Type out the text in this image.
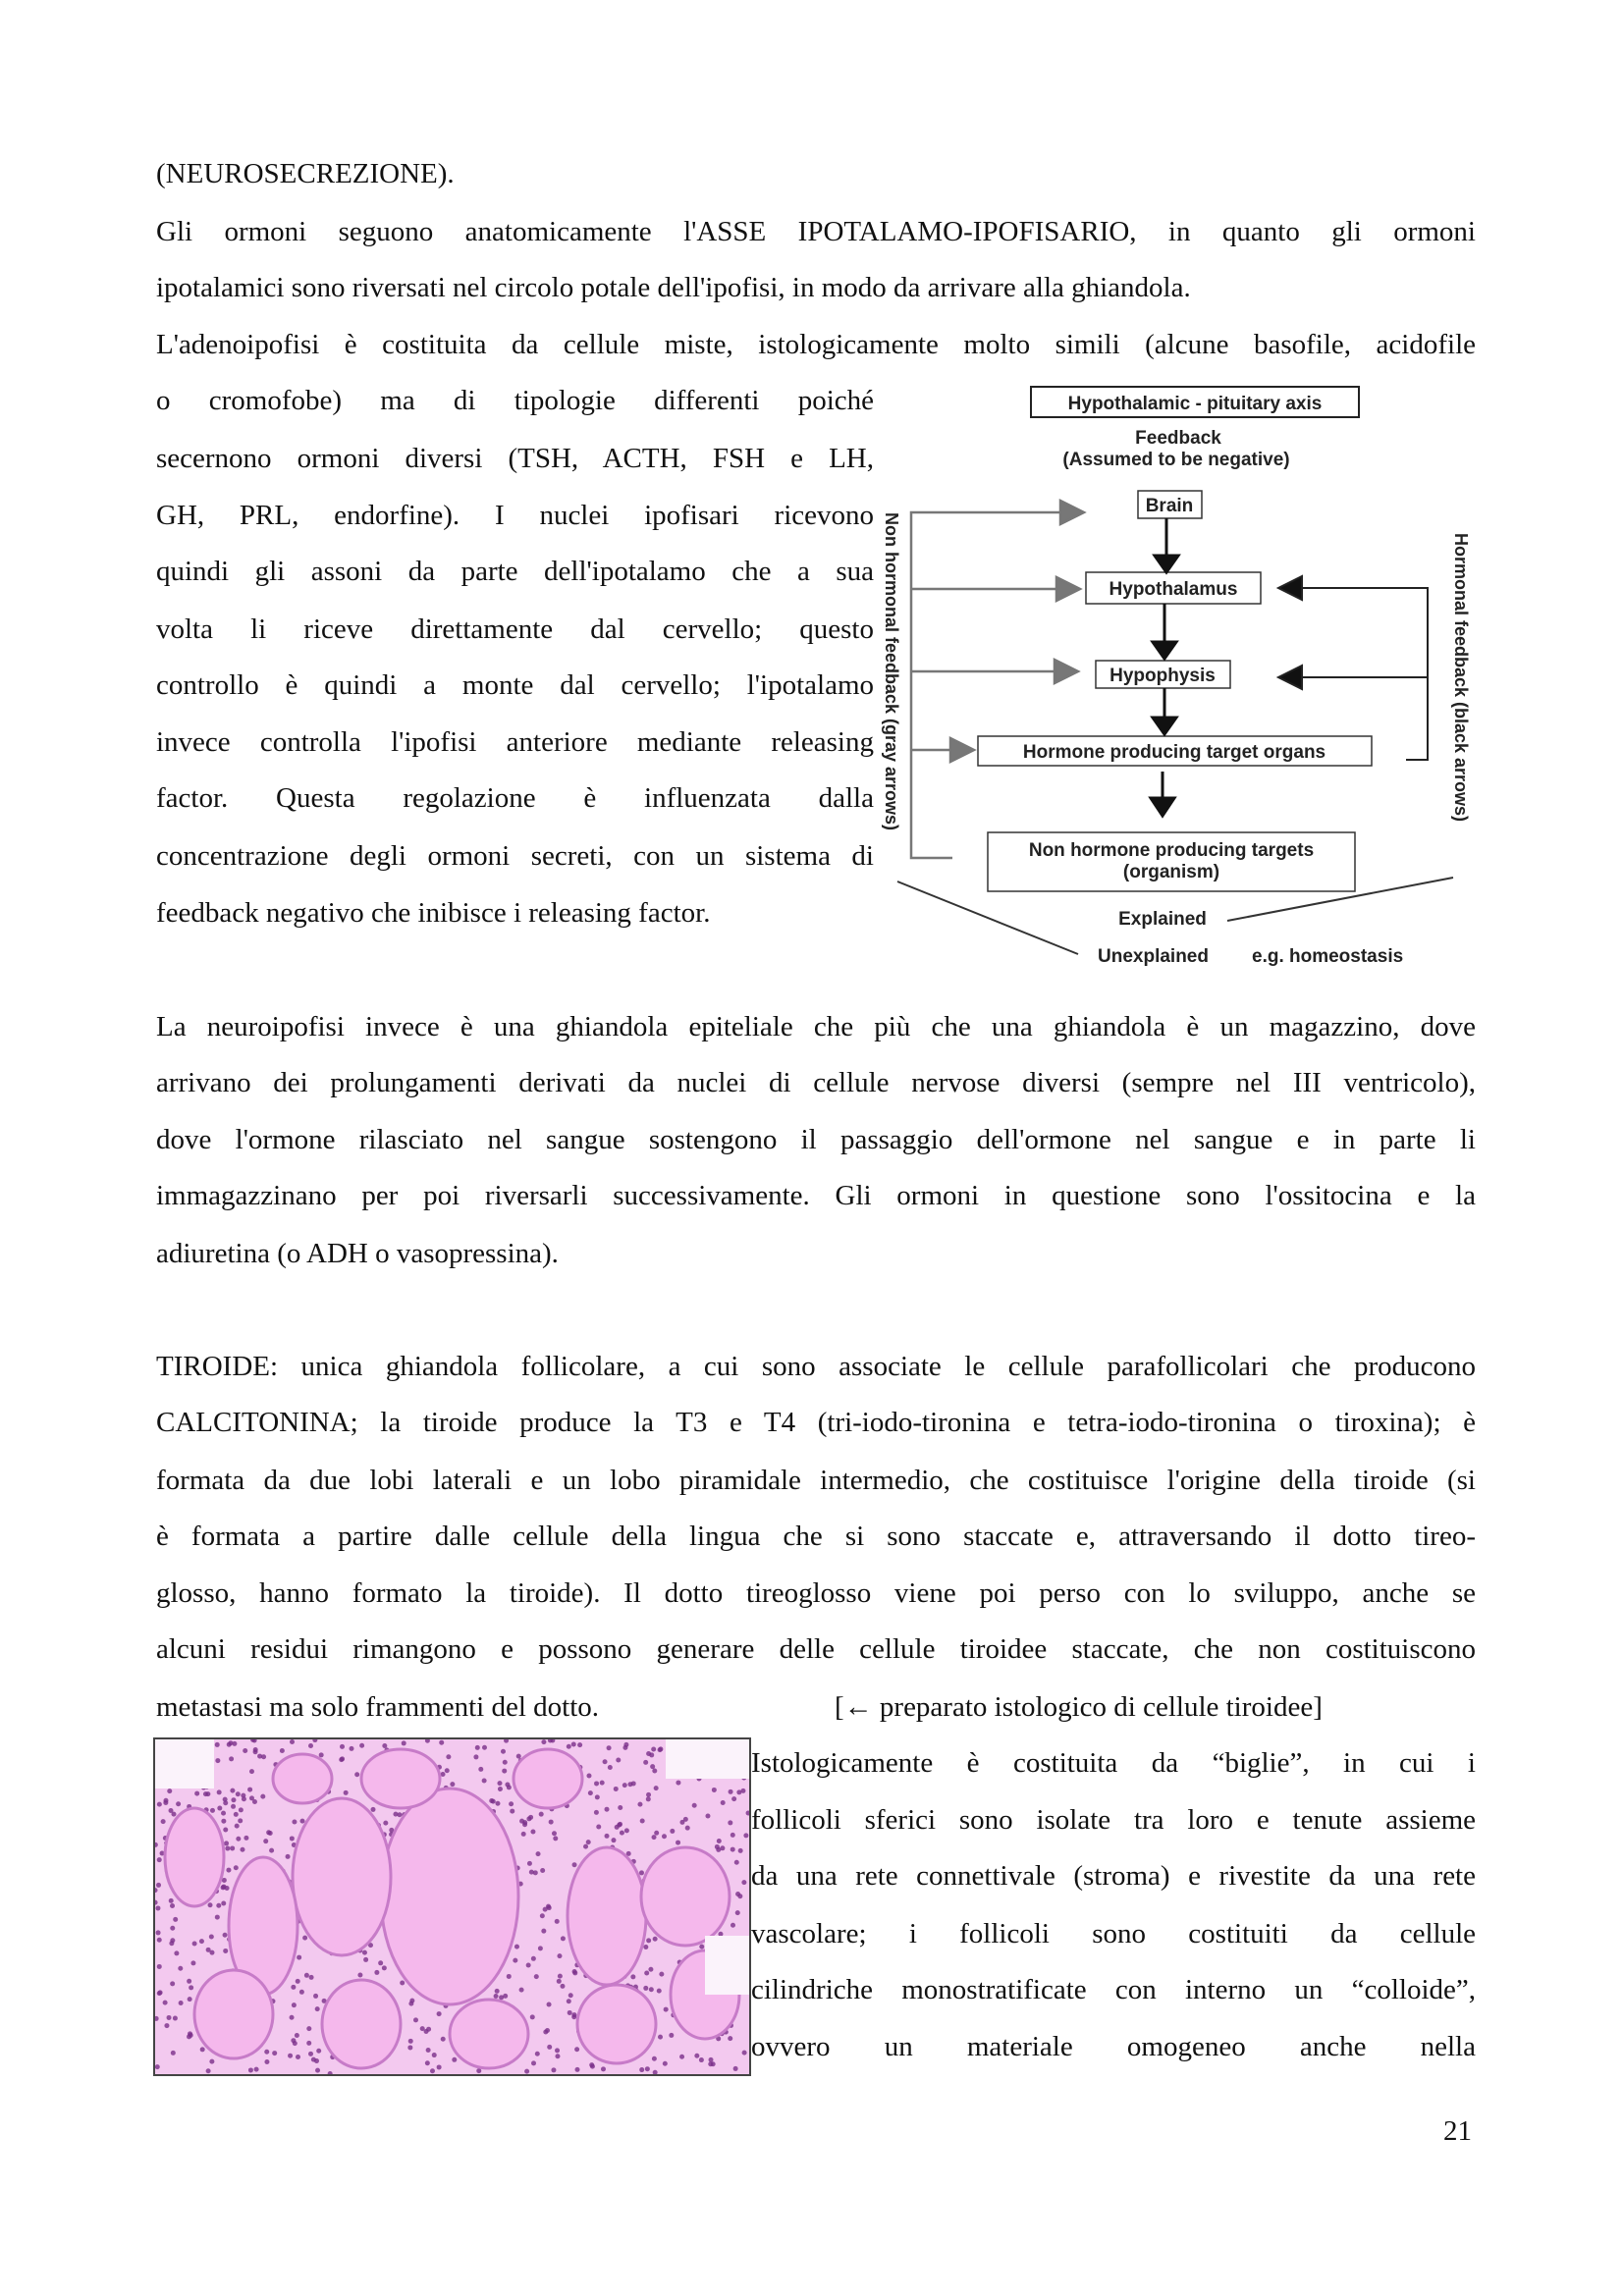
(NEUROSECREZIONE).
Gli ormoni seguono anatomicamente l'ASSE IPOTALAMO-IPOFISARIO, in quanto gli ormoni
ipotalamici sono riversati nel circolo potale dell'ipofisi, in modo da arrivare alla ghiandola.
L'adenoipofisi è costituita da cellule miste, istologicamente molto simili (alcune basofile, acidofile
o cromofobe) ma di tipologie differenti poiché
secernono ormoni diversi (TSH, ACTH, FSH e LH,
GH, PRL, endorfine). I nuclei ipofisari ricevono
quindi gli assoni da parte dell'ipotalamo che a sua
volta li riceve direttamente dal cervello; questo
controllo è quindi a monte dal cervello; l'ipotalamo
invece controlla l'ipofisi anteriore mediante releasing
factor. Questa regolazione è influenzata dalla
concentrazione degli ormoni secreti, con un sistema di
feedback negativo che inibisce i releasing factor.
La neuroipofisi invece è una ghiandola epiteliale che più che una ghiandola è un magazzino, dove
arrivano dei prolungamenti derivati da nuclei di cellule nervose diversi (sempre nel III ventricolo),
dove l'ormone rilasciato nel sangue sostengono il passaggio dell'ormone nel sangue e in parte li
immagazzinano per poi riversarli successivamente. Gli ormoni in questione sono l'ossitocina e la
adiuretina (o ADH o vasopressina).
TIROIDE: unica ghiandola follicolare, a cui sono associate le cellule parafollicolari che producono
CALCITONINA; la tiroide produce la T3 e T4 (tri-iodo-tironina e tetra-iodo-tironina o tiroxina); è
formata da due lobi laterali e un lobo piramidale intermedio, che costituisce l'origine della tiroide (si
è formata a partire dalle cellule della lingua che si sono staccate e, attraversando il dotto tireo-
glosso, hanno formato la tiroide). Il dotto tireoglosso viene poi perso con lo sviluppo, anche se
alcuni residui rimangono e possono generare delle cellule tiroidee staccate, che non costituiscono
metastasi ma solo frammenti del dotto.
Istologicamente è costituita da “biglie”, in cui i
follicoli sferici sono isolate tra loro e tenute assieme
da una rete connettivale (stroma) e rivestite da una rete
vascolare; i follicoli sono costituiti da cellule
cilindriche monostratificate con interno un “colloide”,
ovvero un materiale omogeneo anche nella
[← preparato istologico di cellule tiroidee]
Hypothalamic - pituitary axis
Feedback
(Assumed to be negative)
Brain
Hypothalamus
Hypophysis
Hormone producing target organs
Non hormone producing targets
(organism)
Non hormonal feedback (gray arrows)	Hormonal feedback (black arrows)
Explained
Unexplained e.g. homeostasis
21
